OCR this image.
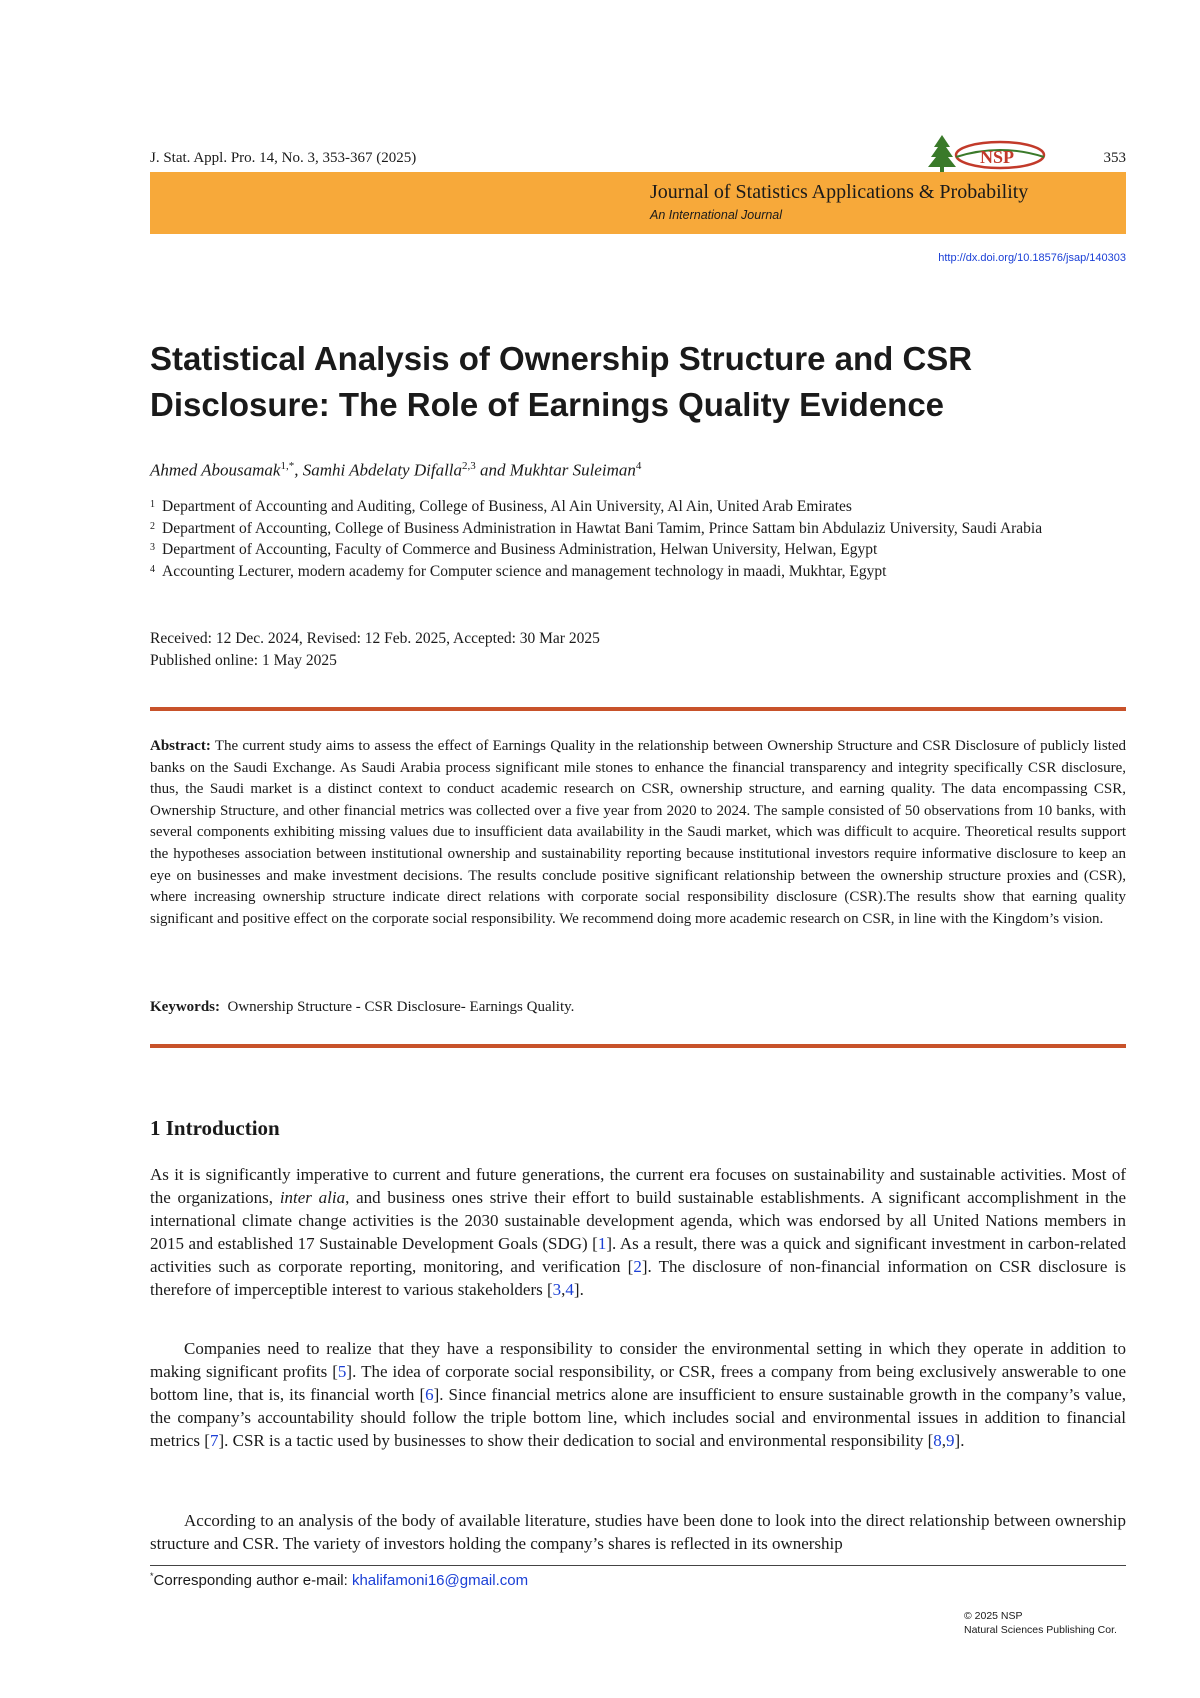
J. Stat. Appl. Pro. 14, No. 3, 353-367 (2025)	353
NSP
Journal of Statistics Applications & Probability
An International Journal
http://dx.doi.org/10.18576/jsap/140303
Statistical Analysis of Ownership Structure and CSR
Disclosure: The Role of Earnings Quality Evidence
Ahmed Abousamak$^{1,*}$, Samhi Abdelaty Difalla$^{2,3}$ and Mukhtar Suleiman$^4$
1 Department of Accounting and Auditing, College of Business, Al Ain University, Al Ain, United Arab Emirates
2 Department of Accounting, College of Business Administration in Hawtat Bani Tamim, Prince Sattam bin Abdulaziz University, Saudi Arabia
3 Department of Accounting, Faculty of Commerce and Business Administration, Helwan University, Helwan, Egypt
4 Accounting Lecturer, modern academy for Computer science and management technology in maadi, Mukhtar, Egypt
Received: 12 Dec. 2024, Revised: 12 Feb. 2025, Accepted: 30 Mar 2025
Published online: 1 May 2025
Abstract: The current study aims to assess the effect of Earnings Quality in the relationship between Ownership Structure and CSR Disclosure of publicly listed banks on the Saudi Exchange. As Saudi Arabia process significant mile stones to enhance the financial transparency and integrity specifically CSR disclosure, thus, the Saudi market is a distinct context to conduct academic research on CSR, ownership structure, and earning quality. The data encompassing CSR, Ownership Structure, and other financial metrics was collected over a five year from 2020 to 2024. The sample consisted of 50 observations from 10 banks, with several components exhibiting missing values due to insufficient data availability in the Saudi market, which was difficult to acquire. Theoretical results support the hypotheses association between institutional ownership and sustainability reporting because institutional investors require informative disclosure to keep an eye on businesses and make investment decisions. The results conclude positive significant relationship between the ownership structure proxies and (CSR), where increasing ownership structure indicate direct relations with corporate social responsibility disclosure (CSR).The results show that earning quality significant and positive effect on the corporate social responsibility. We recommend doing more academic research on CSR, in line with the Kingdom’s vision.
Keywords: Ownership Structure - CSR Disclosure- Earnings Quality.
1 Introduction
As it is significantly imperative to current and future generations, the current era focuses on sustainability and sustainable activities. Most of the organizations, inter alia, and business ones strive their effort to build sustainable establishments. A significant accomplishment in the international climate change activities is the 2030 sustainable development agenda, which was endorsed by all United Nations members in 2015 and established 17 Sustainable Development Goals (SDG) [1]. As a result, there was a quick and significant investment in carbon-related activities such as corporate reporting, monitoring, and verification [2]. The disclosure of non-financial information on CSR disclosure is therefore of imperceptible interest to various stakeholders [3,4].
Companies need to realize that they have a responsibility to consider the environmental setting in which they operate in addition to making significant profits [5]. The idea of corporate social responsibility, or CSR, frees a company from being exclusively answerable to one bottom line, that is, its financial worth [6]. Since financial metrics alone are insufficient to ensure sustainable growth in the company’s value, the company’s accountability should follow the triple bottom line, which includes social and environmental issues in addition to financial metrics [7]. CSR is a tactic used by businesses to show their dedication to social and environmental responsibility [8,9].
According to an analysis of the body of available literature, studies have been done to look into the direct relationship between ownership structure and CSR. The variety of investors holding the company’s shares is reflected in its ownership
*Corresponding author e-mail: khalifamoni16@gmail.com
© 2025 NSP
Natural Sciences Publishing Cor.
